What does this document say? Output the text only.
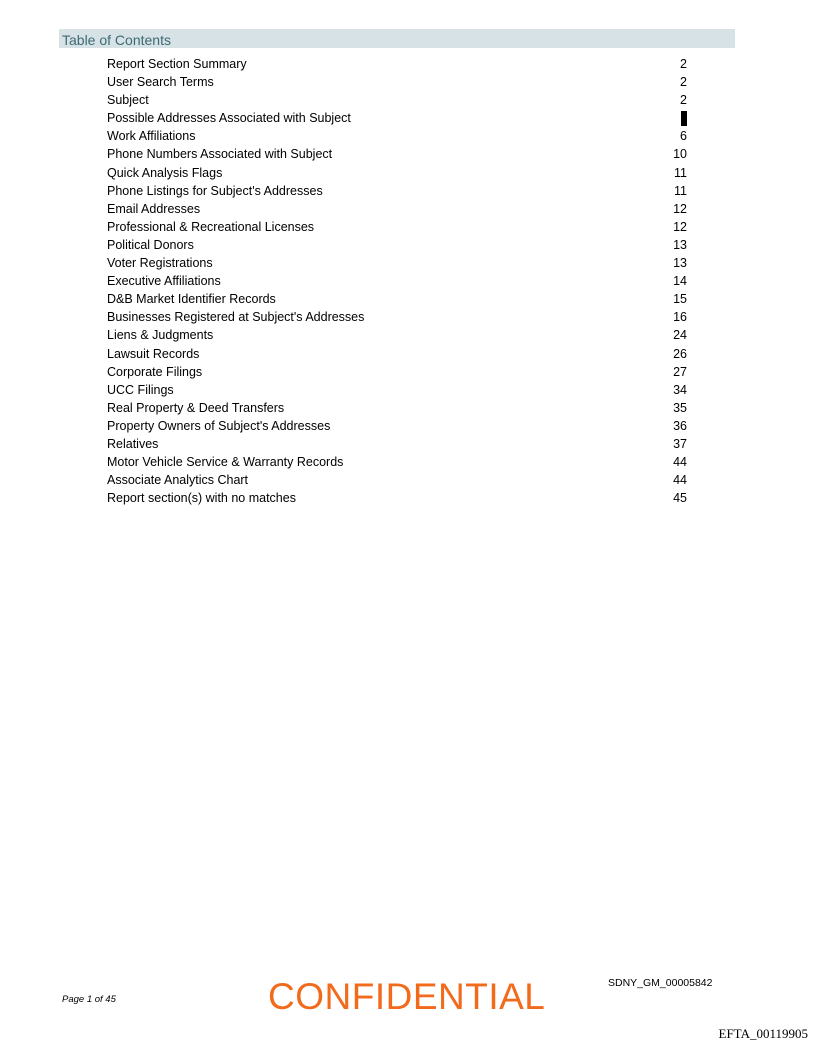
Table of Contents
Report Section Summary	2
User Search Terms	2
Subject	2
Possible Addresses Associated with Subject
Work Affiliations	6
Phone Numbers Associated with Subject	10
Quick Analysis Flags	11
Phone Listings for Subject's Addresses	11
Email Addresses	12
Professional & Recreational Licenses	12
Political Donors	13
Voter Registrations	13
Executive Affiliations	14
D&B Market Identifier Records	15
Businesses Registered at Subject's Addresses	16
Liens & Judgments	24
Lawsuit Records	26
Corporate Filings	27
UCC Filings	34
Real Property & Deed Transfers	35
Property Owners of Subject's Addresses	36
Relatives	37
Motor Vehicle Service & Warranty Records	44
Associate Analytics Chart	44
Report section(s) with no matches	45
Page 1 of 45	CONFIDENTIAL	SDNY_GM_00005842
EFTA_00119905
